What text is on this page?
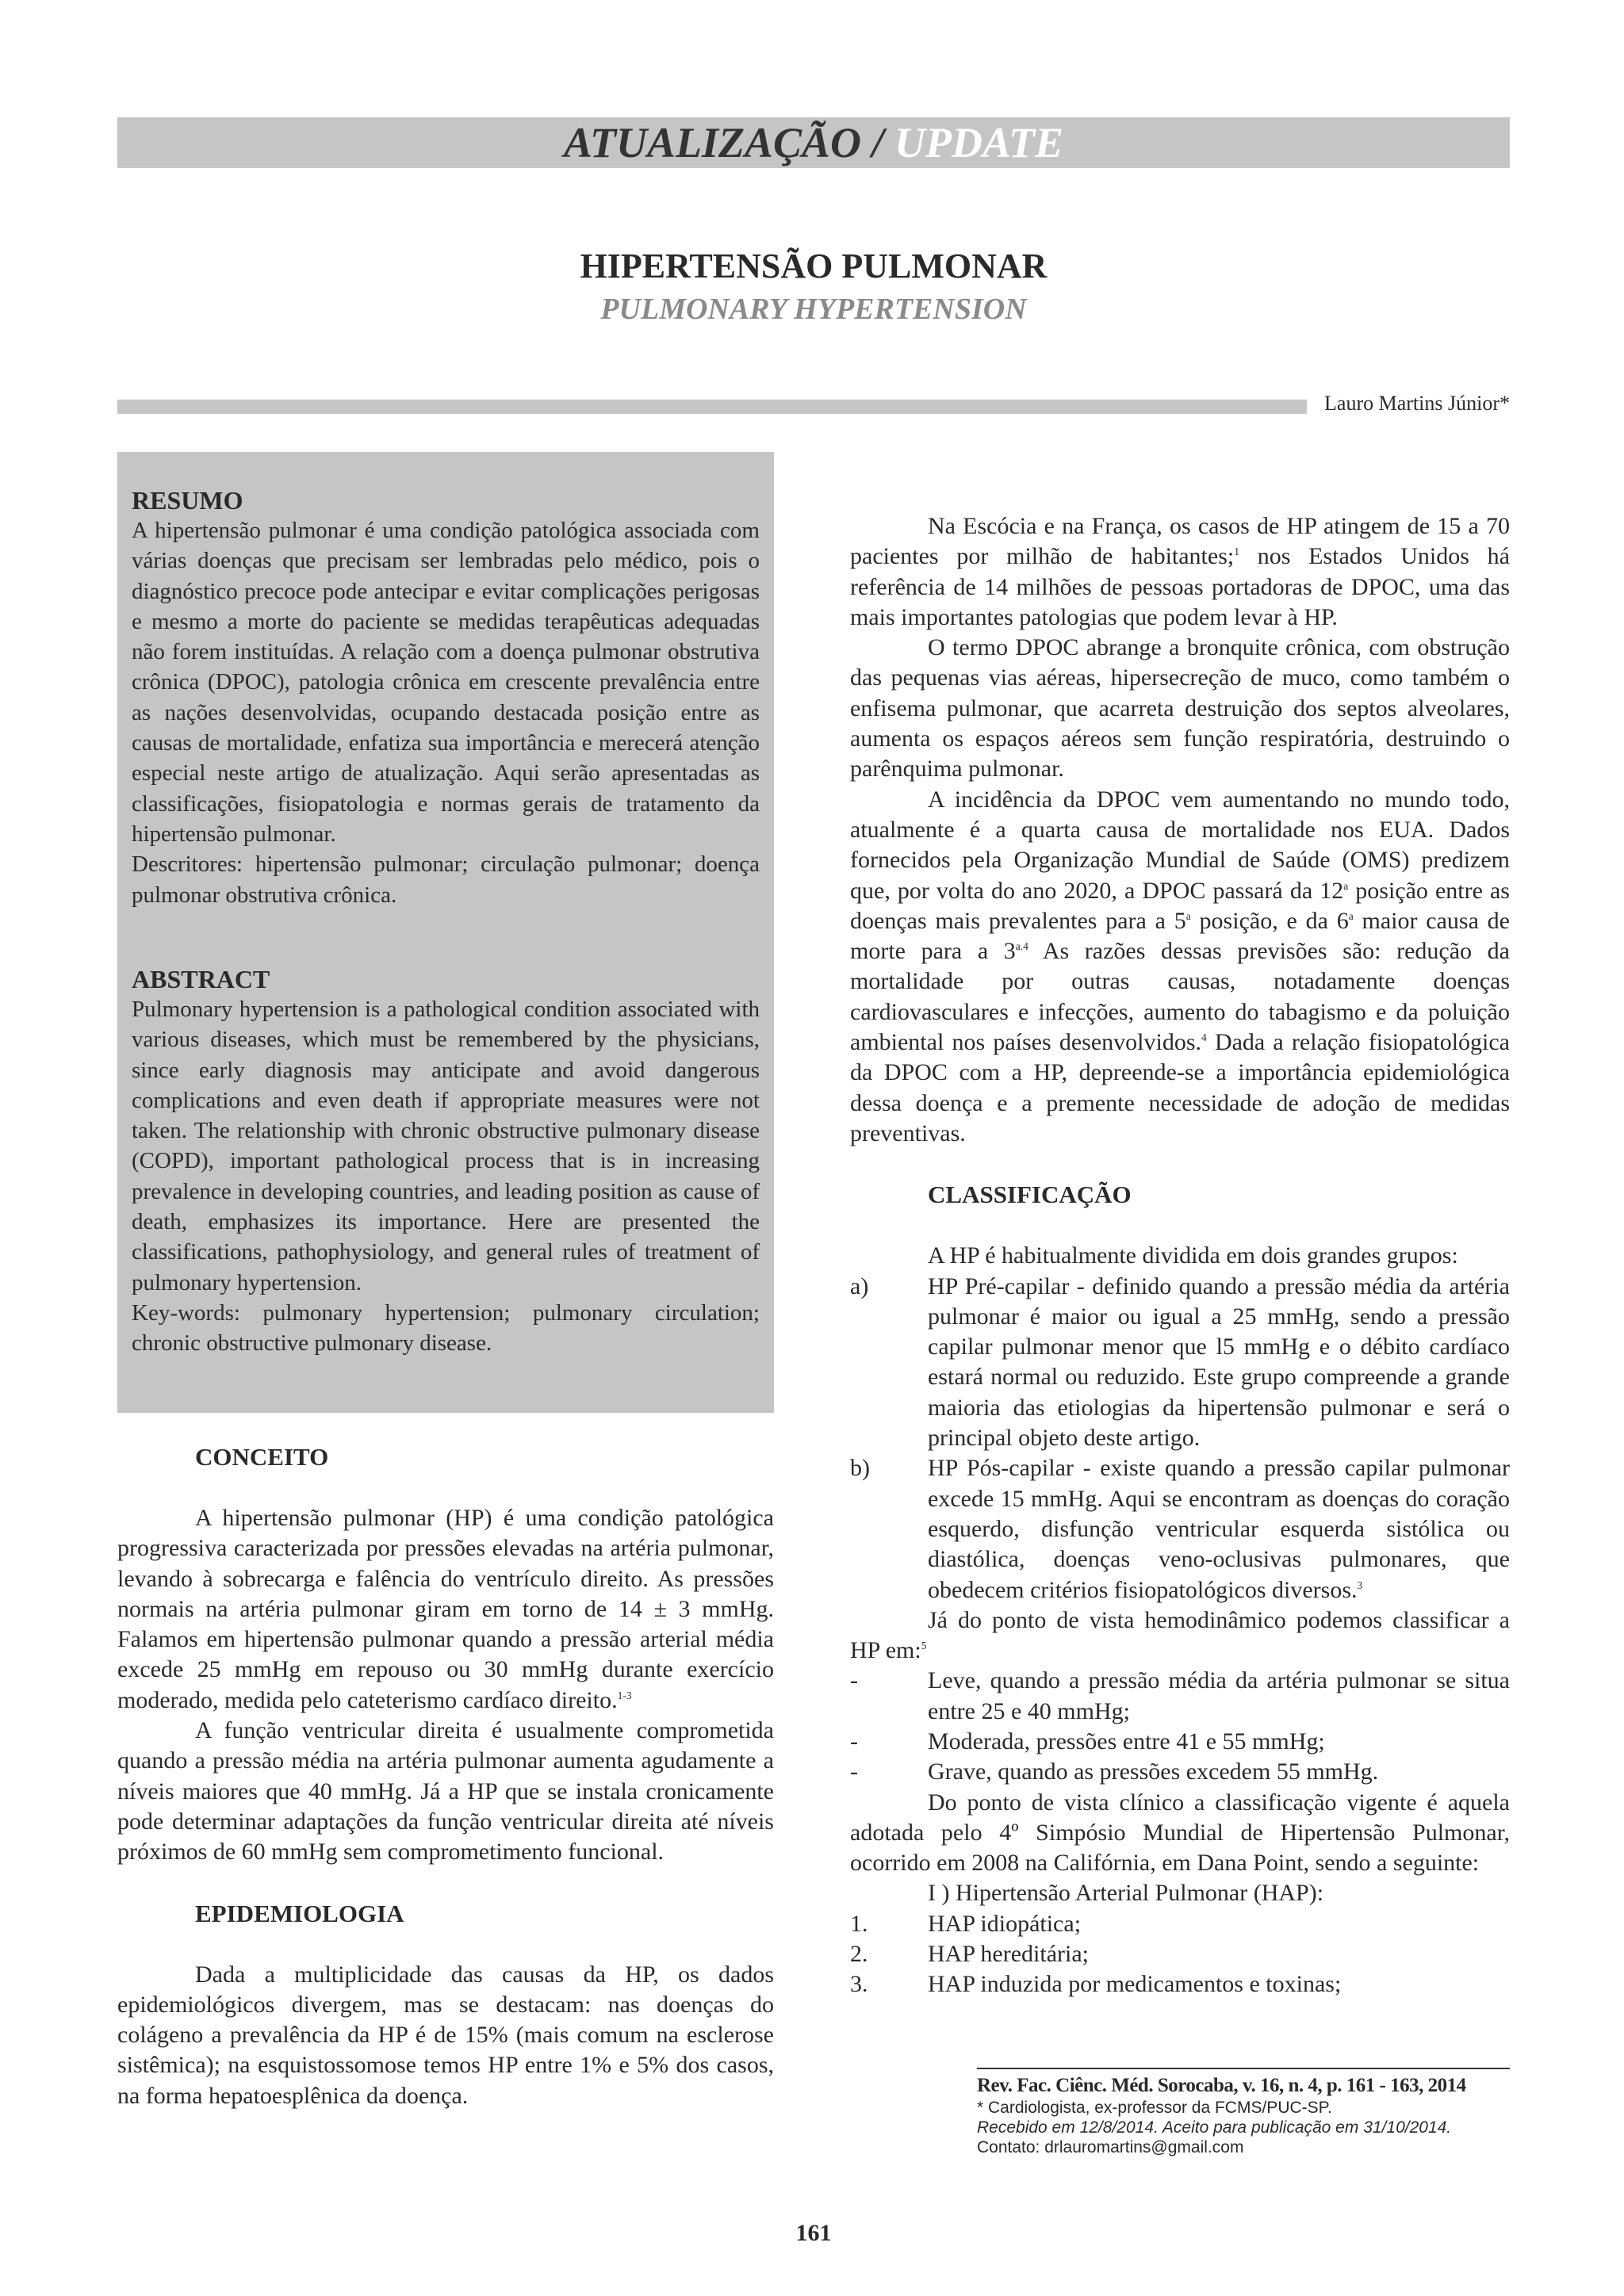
ATUALIZAÇÃO / UPDATE
HIPERTENSÃO PULMONAR
PULMONARY HYPERTENSION
Lauro Martins Júnior*

RESUMO

A hipertensão pulmonar é uma condição patológica associada com várias doenças que precisam ser lembradas pelo médico, pois o diagnóstico precoce pode antecipar e evitar complicações perigosas e mesmo a morte do paciente se medidas terapêuticas adequadas não forem instituídas. A relação com a doença pulmonar obstrutiva crônica (DPOC), patologia crônica em crescente prevalência entre as nações desenvolvidas, ocupando destacada posição entre as causas de mortalidade, enfatiza sua importância e merecerá atenção especial neste artigo de atualização. Aqui serão apresentadas as classificações, fisiopatologia e normas gerais de tratamento da hipertensão pulmonar.

Descritores: hipertensão pulmonar; circulação pulmonar; doença pulmonar obstrutiva crônica.

ABSTRACT

Pulmonary hypertension is a pathological condition associated with various diseases, which must be remembered by the physicians, since early diagnosis may anticipate and avoid dangerous complications and even death if appropriate measures were not taken. The relationship with chronic obstructive pulmonary disease (COPD), important pathological process that is in increasing prevalence in developing countries, and leading position as cause of death, emphasizes its importance. Here are presented the classifications, pathophysiology, and general rules of treatment of pulmonary hypertension.

Key-words: pulmonary hypertension; pulmonary circulation; chronic obstructive pulmonary disease.

CONCEITO

A hipertensão pulmonar (HP) é uma condição patológica progressiva caracterizada por pressões elevadas na artéria pulmonar, levando à sobrecarga e falência do ventrículo direito. As pressões normais na artéria pulmonar giram em torno de 14 ± 3 mmHg. Falamos em hipertensão pulmonar quando a pressão arterial média excede 25 mmHg em repouso ou 30 mmHg durante exercício moderado, medida pelo cateterismo cardíaco direito.$^{1-3}$

A função ventricular direita é usualmente comprometida quando a pressão média na artéria pulmonar aumenta agudamente a níveis maiores que 40 mmHg. Já a HP que se instala cronicamente pode determinar adaptações da função ventricular direita até níveis próximos de 60 mmHg sem comprometimento funcional.

EPIDEMIOLOGIA

Dada a multiplicidade das causas da HP, os dados epidemiológicos divergem, mas se destacam: nas doenças do colágeno a prevalência da HP é de 15% (mais comum na esclerose sistêmica); na esquistossomose temos HP entre 1% e 5% dos casos, na forma hepatoesplênica da doença.

Na Escócia e na França, os casos de HP atingem de 15 a 70 pacientes por milhão de habitantes;$^1$ nos Estados Unidos há referência de 14 milhões de pessoas portadoras de DPOC, uma das mais importantes patologias que podem levar à HP.

O termo DPOC abrange a bronquite crônica, com obstrução das pequenas vias aéreas, hipersecreção de muco, como também o enfisema pulmonar, que acarreta destruição dos septos alveolares, aumenta os espaços aéreos sem função respiratória, destruindo o parênquima pulmonar.

A incidência da DPOC vem aumentando no mundo todo, atualmente é a quarta causa de mortalidade nos EUA. Dados fornecidos pela Organização Mundial de Saúde (OMS) predizem que, por volta do ano 2020, a DPOC passará da 12$^a$ posição entre as doenças mais prevalentes para a 5$^a$ posição, e da 6$^a$ maior causa de morte para a $3^{a.4}$ As razões dessas previsões são: redução da mortalidade por outras causas, notadamente doenças cardiovasculares e infecções, aumento do tabagismo e da poluição ambiental nos países desenvolvidos.$^4$ Dada a relação fisiopatológica da DPOC com a HP, depreende-se a importância epidemiológica dessa doença e a premente necessidade de adoção de medidas preventivas.

CLASSIFICAÇÃO

A HP é habitualmente dividida em dois grandes grupos:

a)	HP Pré-capilar - definido quando a pressão média da artéria pulmonar é maior ou igual a 25 mmHg, sendo a pressão capilar pulmonar menor que l5 mmHg e o débito cardíaco estará normal ou reduzido. Este grupo compreende a grande maioria das etiologias da hipertensão pulmonar e será o principal objeto deste artigo.
b)	HP Pós-capilar - existe quando a pressão capilar pulmonar excede 15 mmHg. Aqui se encontram as doenças do coração esquerdo, disfunção ventricular esquerda sistólica ou diastólica, doenças veno-oclusivas pulmonares, que obedecem critérios fisiopatológicos diversos.$^3$

Já do ponto de vista hemodinâmico podemos classificar a HP em:$^5$

-	Leve, quando a pressão média da artéria pulmonar se situa entre 25 e 40 mmHg;
-	Moderada, pressões entre 41 e 55 mmHg;
-	Grave, quando as pressões excedem 55 mmHg.

Do ponto de vista clínico a classificação vigente é aquela adotada pelo 4º Simpósio Mundial de Hipertensão Pulmonar, ocorrido em 2008 na Califórnia, em Dana Point, sendo a seguinte:

I ) Hipertensão Arterial Pulmonar (HAP):

1.	HAP idiopática;
2.	HAP hereditária;
3.	HAP induzida por medicamentos e toxinas;

Rev. Fac. Ciênc. Méd. Sorocaba, v. 16, n. 4, p. 161 - 163, 2014

* Cardiologista, ex-professor da FCMS/PUC-SP.

Recebido em 12/8/2014. Aceito para publicação em 31/10/2014.

Contato: drlauromartins@gmail.com

161
